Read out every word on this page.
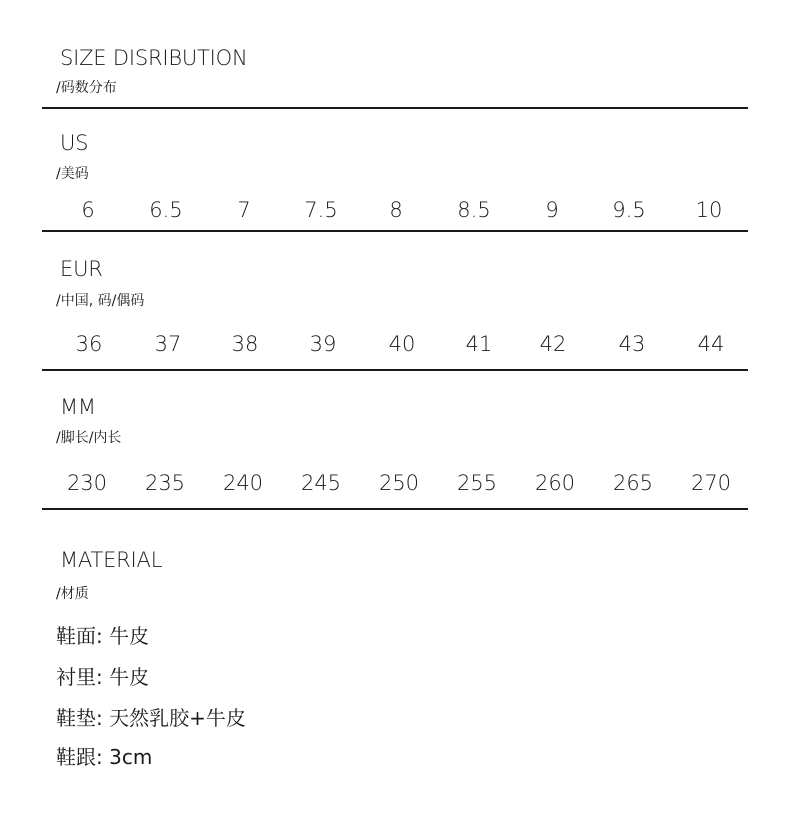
SIZE DISRIBUTION
/码数分布
US
/美码
6	6.5	7	7.5	8	8.5	9	9.5	10
EUR
/中国, 码/偶码
36	37	38	39	40	41	42	43	44
MM
/脚长/内长
230	235	240	245	250	255	260	265	270
MATERIAL
/材质
鞋面: 牛皮
衬里: 牛皮
鞋垫: 天然乳胶+牛皮
鞋跟: 3cm
